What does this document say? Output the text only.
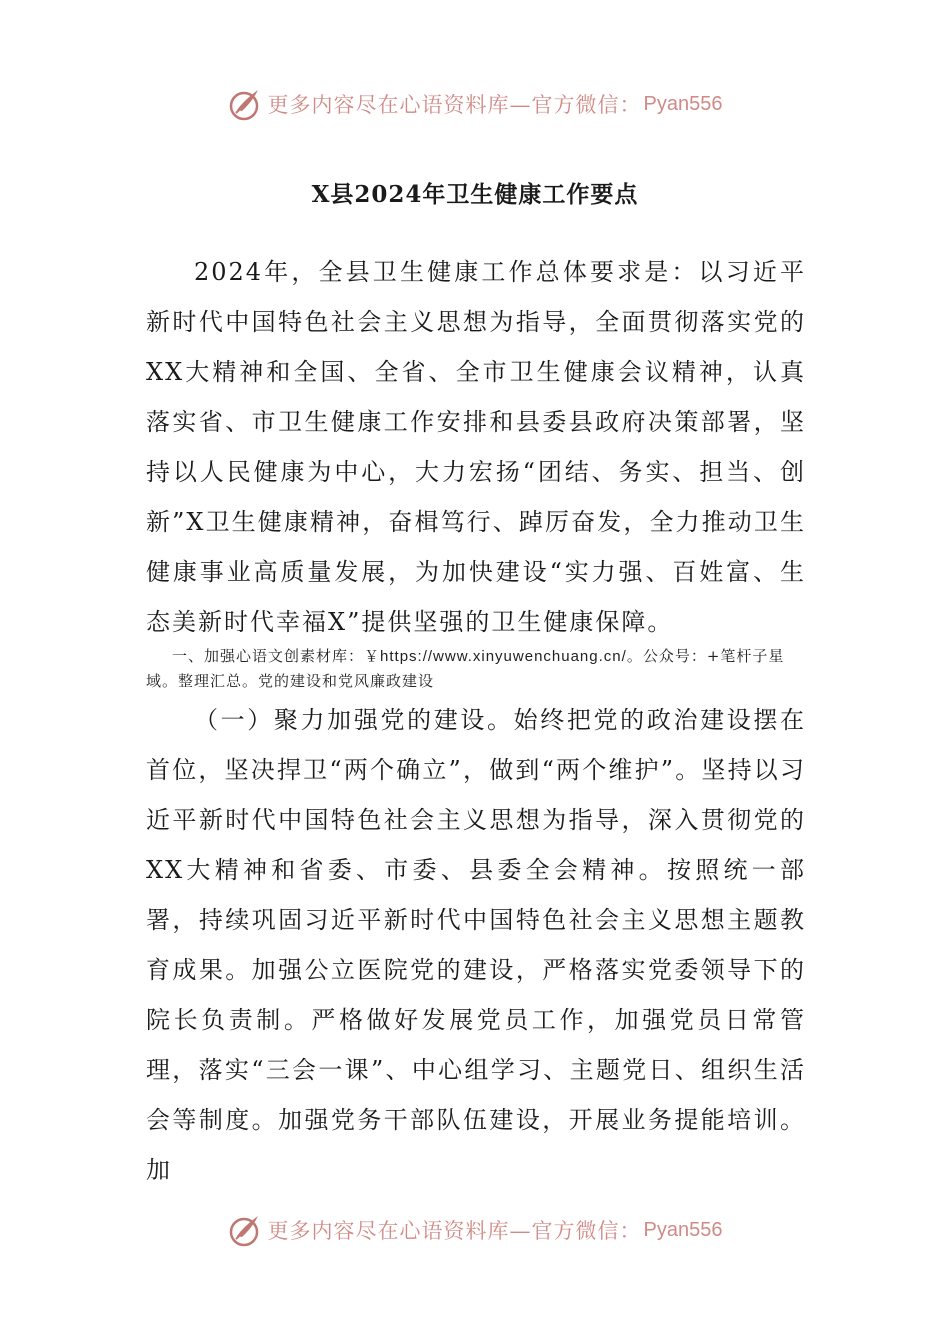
更多内容尽在心语资料库—官方微信： Pyan556
X县2024年卫生健康工作要点

2024年，全县卫生健康工作总体要求是：以习近平新时代中国特色社会主义思想为指导，全面贯彻落实党的XX大精神和全国、全省、全市卫生健康会议精神，认真落实省、市卫生健康工作安排和县委县政府决策部署，坚持以人民健康为中心，大力宏扬“团结、务实、担当、创新”X卫生健康精神，奋楫笃行、踔厉奋发，全力推动卫生健康事业高质量发展，为加快建设“实力强、百姓富、生态美新时代幸福X”提供坚强的卫生健康保障。

一、加强心语文创素材库：￥https://www.xinyuwenchuang.cn/。公众号：+笔杆子星域。整理汇总。党的建设和党风廉政建设

（一）聚力加强党的建设。始终把党的政治建设摆在首位，坚决捍卫“两个确立”，做到“两个维护”。坚持以习近平新时代中国特色社会主义思想为指导，深入贯彻党的XX大精神和省委、市委、县委全会精神。按照统一部署，持续巩固习近平新时代中国特色社会主义思想主题教育成果。加强公立医院党的建设，严格落实党委领导下的院长负责制。严格做好发展党员工作，加强党员日常管理，落实“三会一课”、中心组学习、主题党日、组织生活会等制度。加强党务干部队伍建设，开展业务提能培训。加

更多内容尽在心语资料库—官方微信： Pyan556
